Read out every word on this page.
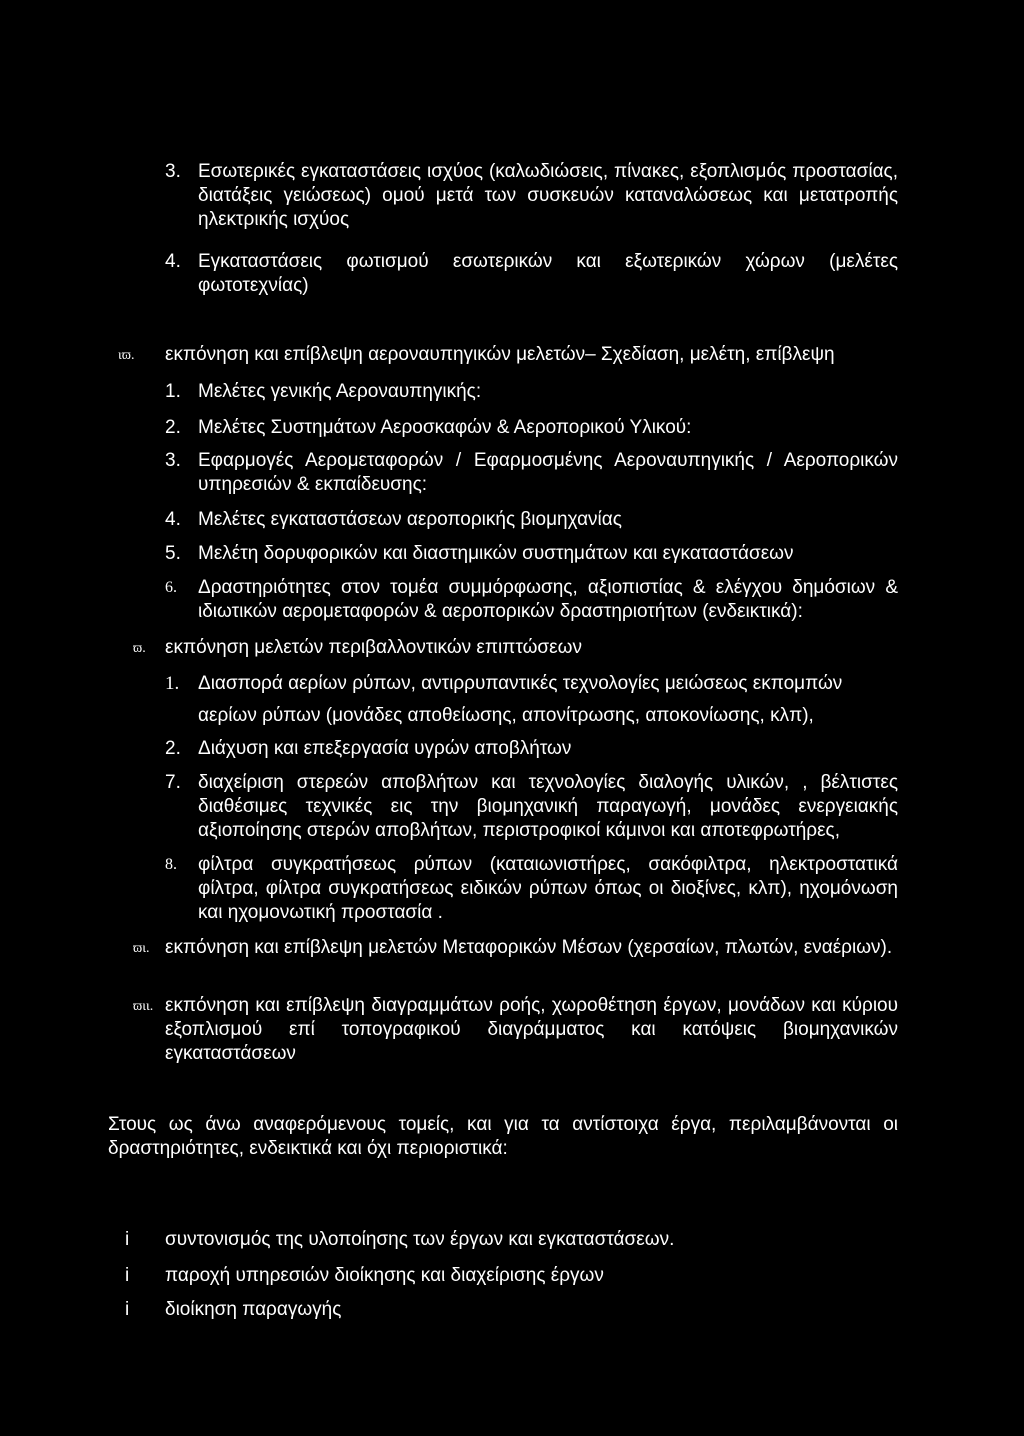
3. Εσωτερικές εγκαταστάσεις ισχύος (καλωδιώσεις, πίνακες, εξοπλισμός προστασίας, διατάξεις γειώσεως) ομού μετά των συσκευών καταναλώσεως και μετατροπής ηλεκτρικής ισχύος
4. Εγκαταστάσεις φωτισμού εσωτερικών και εξωτερικών χώρων (μελέτες φωτοτεχνίας)
ιϖ. εκπόνηση και επίβλεψη αεροναυπηγικών μελετών– Σχεδίαση, μελέτη, επίβλεψη
1. Μελέτες γενικής Αεροναυπηγικής:
2. Μελέτες Συστημάτων Αεροσκαφών & Αεροπορικού Υλικού:
3. Εφαρμογές Αερομεταφορών / Εφαρμοσμένης Αεροναυπηγικής / Αεροπορικών υπηρεσιών & εκπαίδευσης:
4. Μελέτες εγκαταστάσεων αεροπορικής βιομηχανίας
5. Μελέτη δορυφορικών και διαστημικών συστημάτων και εγκαταστάσεων
6.	Δραστηριότητες στον τομέα συμμόρφωσης, αξιοπιστίας & ελέγχου δημόσιων & ιδιωτικών αερομεταφορών & αεροπορικών δραστηριοτήτων (ενδεικτικά):
ϖ. εκπόνηση μελετών περιβαλλοντικών επιπτώσεων
1. Διασπορά αερίων ρύπων, αντιρρυπαντικές τεχνολογίες μειώσεως εκπομπών
αερίων ρύπων (μονάδες αποθείωσης, απονίτρωσης, αποκονίωσης, κλπ),
2. Διάχυση και επεξεργασία υγρών αποβλήτων
7. διαχείριση στερεών αποβλήτων και τεχνολογίες διαλογής υλικών, , βέλτιστες διαθέσιμες τεχνικές εις την βιομηχανική παραγωγή, μονάδες ενεργειακής αξιοποίησης στερών αποβλήτων, περιστροφικοί κάμινοι και αποτεφρωτήρες,
8.	φίλτρα συγκρατήσεως ρύπων (καταιωνιστήρες, σακόφιλτρα, ηλεκτροστατικά φίλτρα, φίλτρα συγκρατήσεως ειδικών ρύπων όπως οι διοξίνες, κλπ), ηχομόνωση και ηχομονωτική προστασία .
ϖι. εκπόνηση και επίβλεψη μελετών Μεταφορικών Μέσων (χερσαίων, πλωτών, εναέριων).
ϖιι. εκπόνηση και επίβλεψη διαγραμμάτων ροής, χωροθέτηση έργων, μονάδων και κύριου εξοπλισμού επί τοπογραφικού διαγράμματος και κατόψεις βιομηχανικών εγκαταστάσεων
Στους ως άνω αναφερόμενους τομείς, και για τα αντίστοιχα έργα, περιλαμβάνονται οι δραστηριότητες, ενδεικτικά και όχι περιοριστικά:
i	συντονισμός της υλοποίησης των έργων και εγκαταστάσεων.
i	παροχή υπηρεσιών διοίκησης και διαχείρισης έργων
i	διοίκηση παραγωγής
